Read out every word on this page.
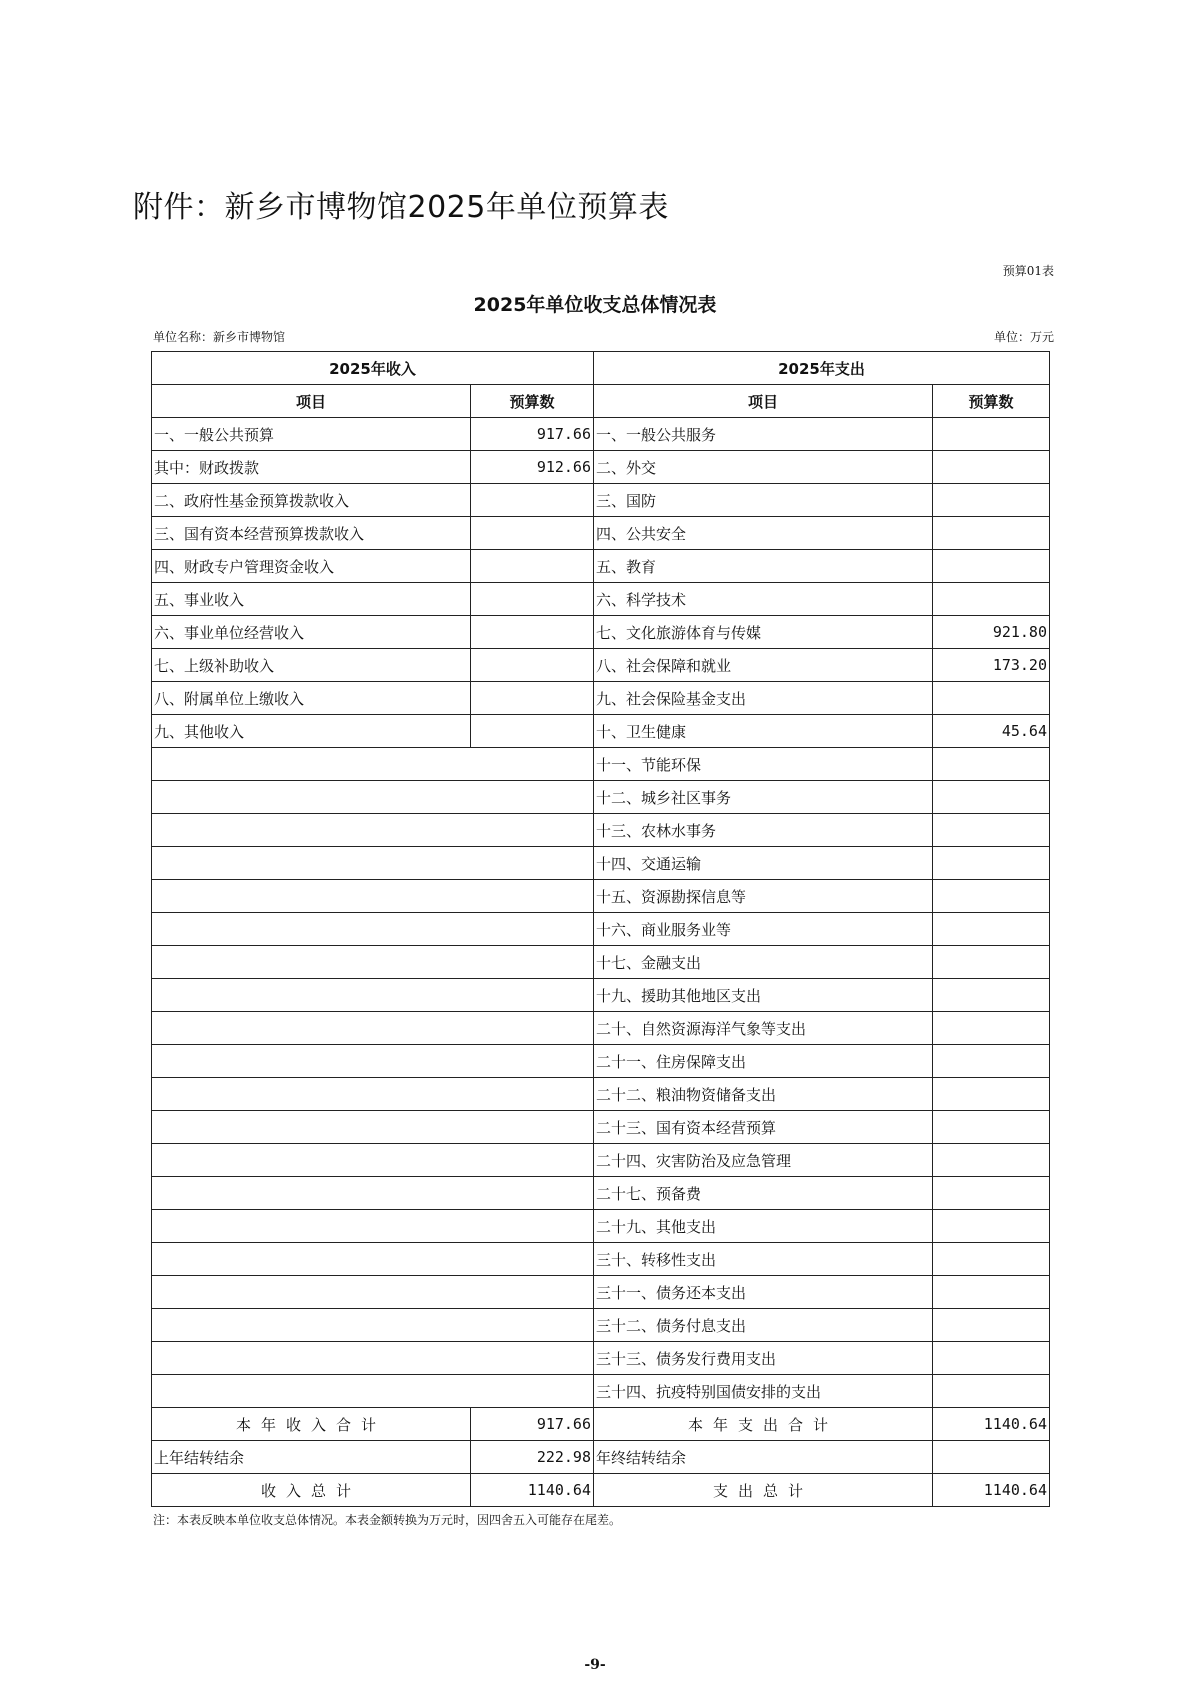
附件：新乡市博物馆2025年单位预算表
预算01表
2025年单位收支总体情况表
单位名称：新乡市博物馆	单位：万元
2025年收入		2025年支出	
项目	预算数	项目	预算数
一、一般公共预算	917.66	一、一般公共服务	
其中：财政拨款	912.66	二、外交	
二、政府性基金预算拨款收入		三、国防	
三、国有资本经营预算拨款收入		四、公共安全	
四、财政专户管理资金收入		五、教育	
五、事业收入		六、科学技术	
六、事业单位经营收入		七、文化旅游体育与传媒	921.80
七、上级补助收入		八、社会保障和就业	173.20
八、附属单位上缴收入		九、社会保险基金支出	
九、其他收入		十、卫生健康	45.64
		十一、节能环保	
		十二、城乡社区事务	
		十三、农林水事务	
		十四、交通运输	
		十五、资源勘探信息等	
		十六、商业服务业等	
		十七、金融支出	
		十九、援助其他地区支出	
		二十、自然资源海洋气象等支出	
		二十一、住房保障支出	
		二十二、粮油物资储备支出	
		二十三、国有资本经营预算	
		二十四、灾害防治及应急管理	
		二十七、预备费	
		二十九、其他支出	
		三十、转移性支出	
		三十一、债务还本支出	
		三十二、债务付息支出	
		三十三、债务发行费用支出	
		三十四、抗疫特别国债安排的支出	
本年收入合计	917.66	本年支出合计	1140.64
上年结转结余	222.98	年终结转结余	
收入总计	1140.64	支出总计	1140.64
注：本表反映本单位收支总体情况。本表金额转换为万元时，因四舍五入可能存在尾差。
-9-
